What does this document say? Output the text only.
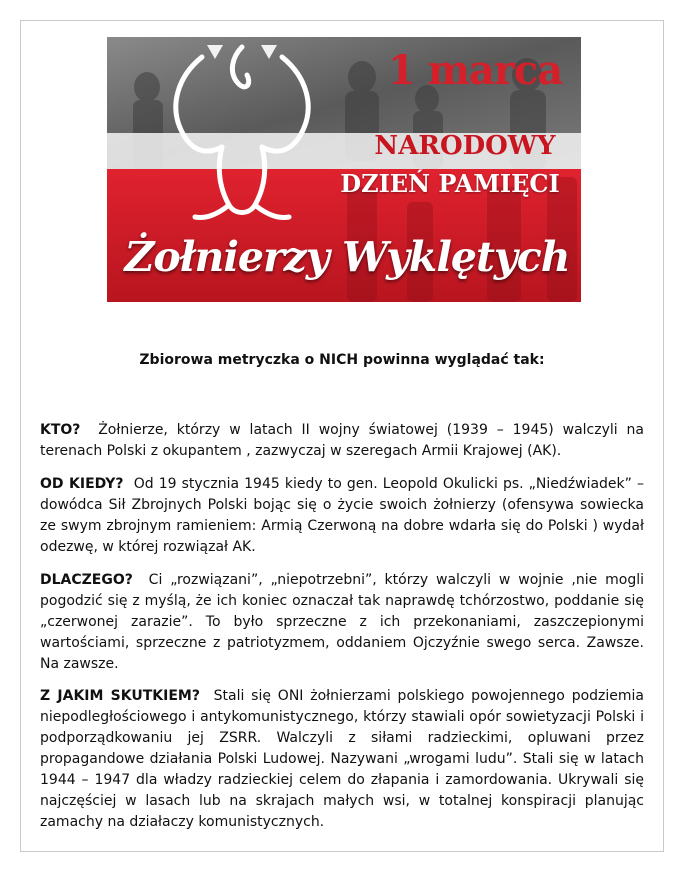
1 marca
NARODOWY
DZIEŃ PAMIĘCI
Żołnierzy Wyklętych
Zbiorowa metryczka o NICH powinna wyglądać tak:

KTO? Żołnierze, którzy w latach II wojny światowej (1939 – 1945) walczyli na terenach Polski z okupantem , zazwyczaj w szeregach Armii Krajowej (AK).

OD KIEDY? Od 19 stycznia 1945 kiedy to gen. Leopold Okulicki ps. „Niedźwiadek” – dowódca Sił Zbrojnych Polski bojąc się o życie swoich żołnierzy (ofensywa sowiecka ze swym zbrojnym ramieniem: Armią Czerwoną na dobre wdarła się do Polski ) wydał odezwę, w której rozwiązał AK.

DLACZEGO? Ci „rozwiązani”, „niepotrzebni”, którzy walczyli w wojnie ,nie mogli pogodzić się z myślą, że ich koniec oznaczał tak naprawdę tchórzostwo, poddanie się „czerwonej zarazie”. To było sprzeczne z ich przekonaniami, zaszczepionymi wartościami, sprzeczne z patriotyzmem, oddaniem Ojczyźnie swego serca. Zawsze. Na zawsze.

Z JAKIM SKUTKIEM? Stali się ONI żołnierzami polskiego powojennego podziemia niepodległościowego i antykomunistycznego, którzy stawiali opór sowietyzacji Polski i podporządkowaniu jej ZSRR. Walczyli z siłami radzieckimi, opluwani przez propagandowe działania Polski Ludowej. Nazywani „wrogami ludu”. Stali się w latach 1944 – 1947 dla władzy radzieckiej celem do złapania i zamordowania. Ukrywali się najczęściej w lasach lub na skrajach małych wsi, w totalnej konspiracji planując zamachy na działaczy komunistycznych.
